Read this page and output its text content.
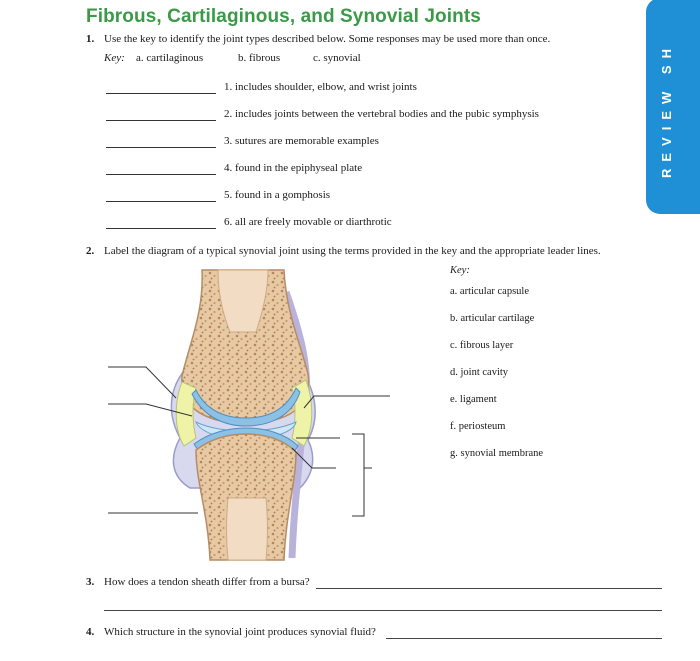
Fibrous, Cartilaginous, and Synovial Joints
REVIEW SH
1. Use the key to identify the joint types described below. Some responses may be used more than once.
Key: a. cartilaginous	b. fibrous	c. synovial
1. includes shoulder, elbow, and wrist joints
2. includes joints between the vertebral bodies and the pubic symphysis
3. sutures are memorable examples
4. found in the epiphyseal plate
5. found in a gomphosis
6. all are freely movable or diarthrotic
2. Label the diagram of a typical synovial joint using the terms provided in the key and the appropriate leader lines.
Key:
a. articular capsule
b. articular cartilage
c. fibrous layer
d. joint cavity
e. ligament
f. periosteum
g. synovial membrane
3. How does a tendon sheath differ from a bursa?
4. Which structure in the synovial joint produces synovial fluid?
